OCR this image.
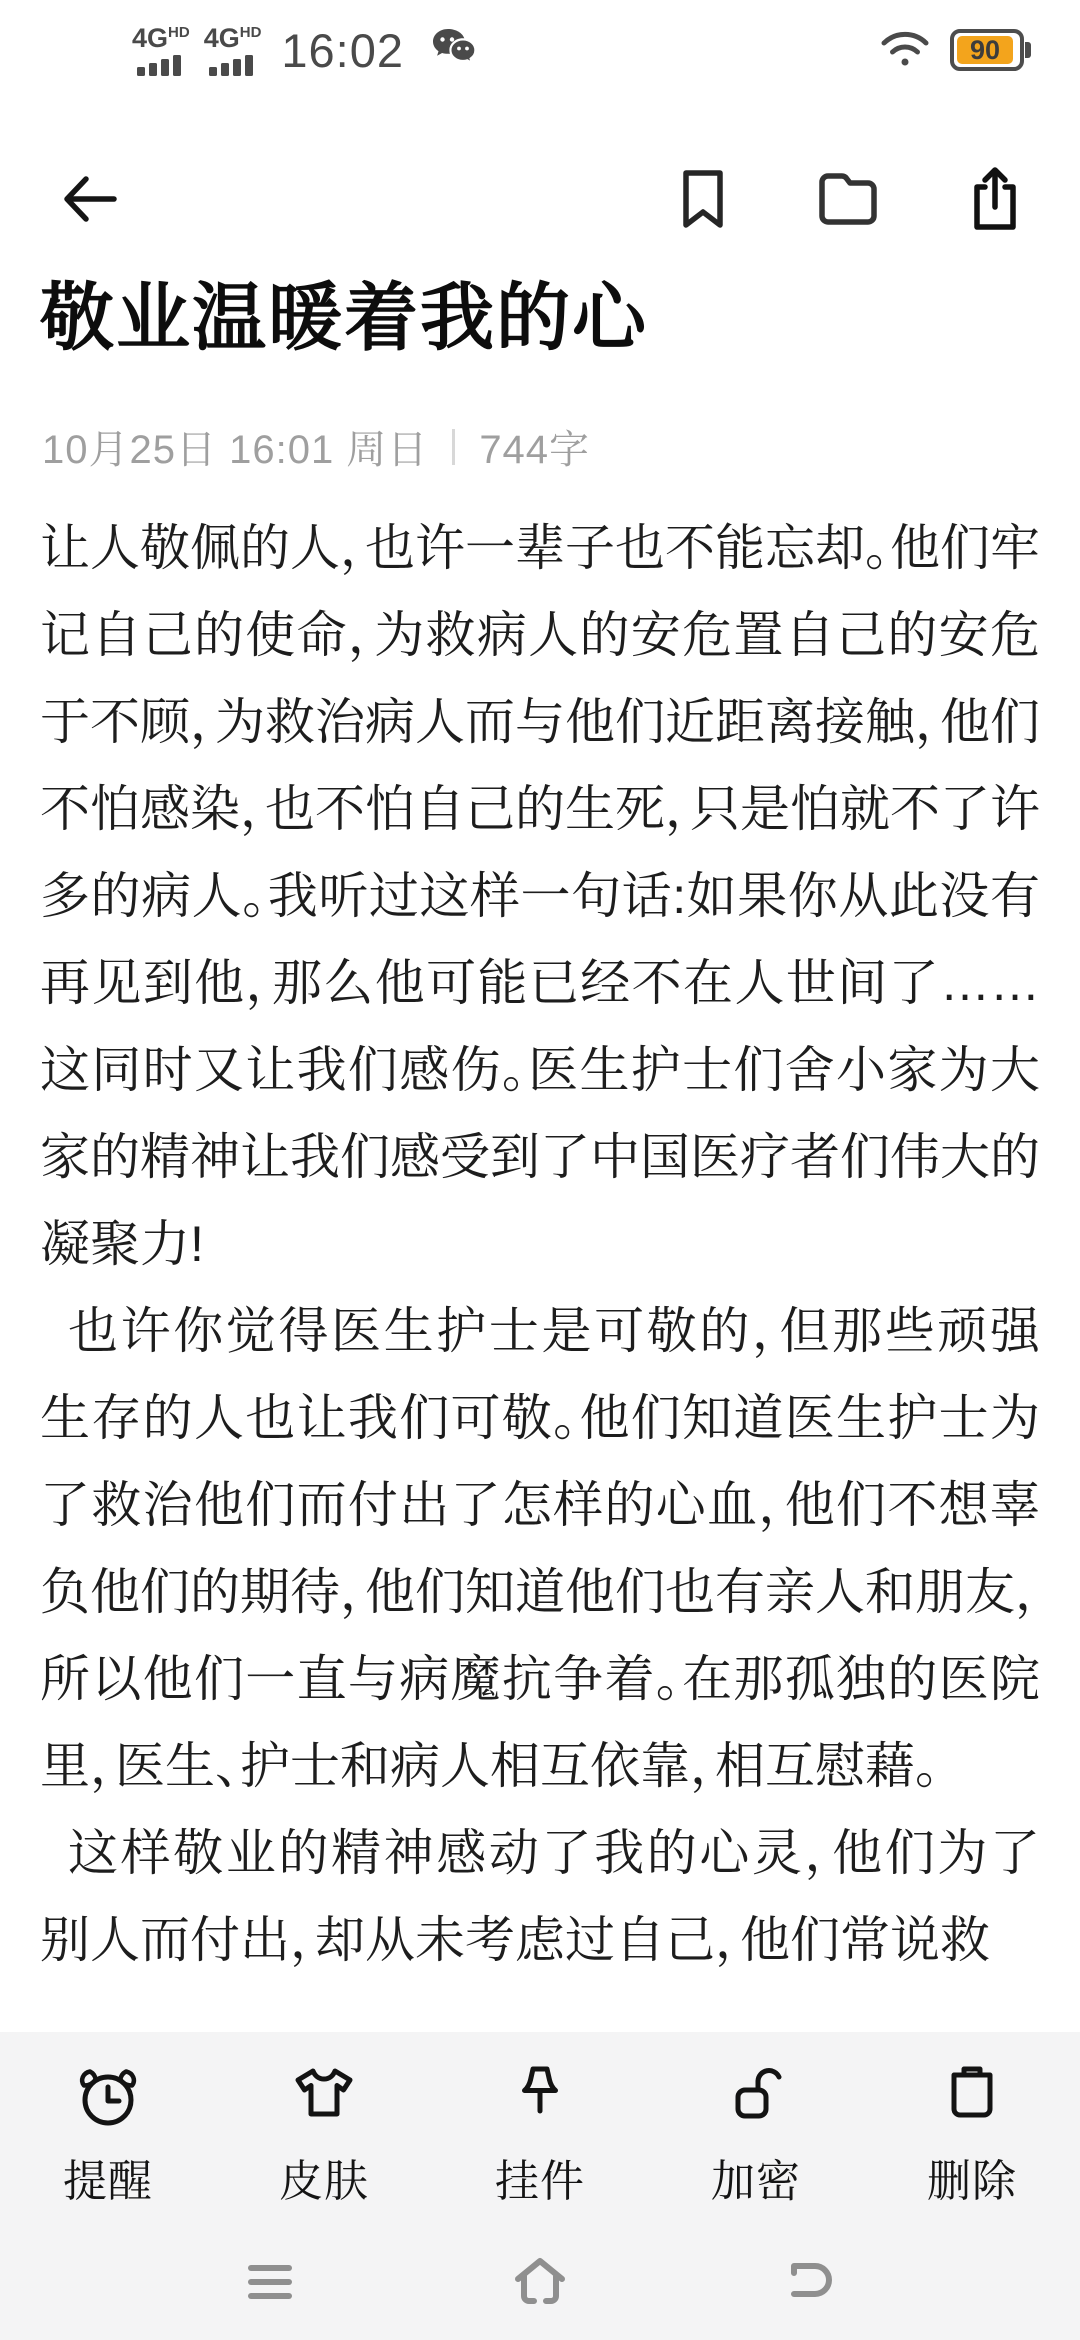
$4G^{HD}$ $4G^{HD}$ 16:02	90
敬业温暖着我的心
10月25日 16:01 周日 744字

让人敬佩的人，也许一辈子也不能忘却。他们牢记自己的使命，为救病人的安危置自己的安危于不顾，为救治病人而与他们近距离接触，他们不怕感染，也不怕自己的生死，只是怕就不了许多的病人。我听过这样一句话:如果你从此没有再见到他，那么他可能已经不在人世间了……这同时又让我们感伤。医生护士们舍小家为大家的精神让我们感受到了中国医疗者们伟大的凝聚力!

也许你觉得医生护士是可敬的，但那些顽强生存的人也让我们可敬。他们知道医生护士为了救治他们而付出了怎样的心血，他们不想辜负他们的期待，他们知道他们也有亲人和朋友，所以他们一直与病魔抗争着。在那孤独的医院里，医生、护士和病人相互依靠，相互慰藉。

这样敬业的精神感动了我的心灵，他们为了别人而付出，却从未考虑过自己，他们常说救

提醒	皮肤	挂件	加密	删除
